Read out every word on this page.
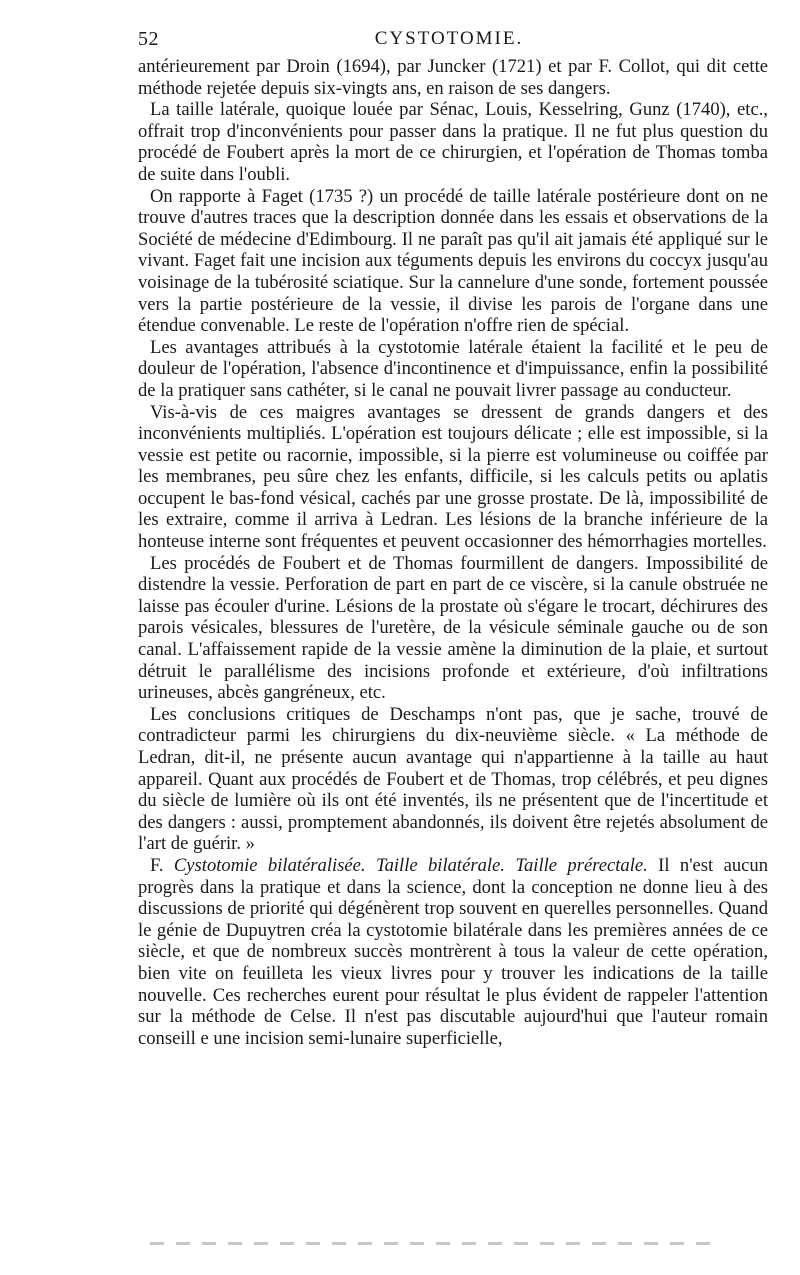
52	CYSTOTOMIE.

antérieurement par Droin (1694), par Juncker (1721) et par F. Collot, qui dit cette méthode rejetée depuis six-vingts ans, en raison de ses dangers.

La taille latérale, quoique louée par Sénac, Louis, Kesselring, Gunz (1740), etc., offrait trop d'inconvénients pour passer dans la pratique. Il ne fut plus question du procédé de Foubert après la mort de ce chirurgien, et l'opération de Thomas tomba de suite dans l'oubli.

On rapporte à Faget (1735 ?) un procédé de taille latérale postérieure dont on ne trouve d'autres traces que la description donnée dans les essais et observations de la Société de médecine d'Edimbourg. Il ne paraît pas qu'il ait jamais été appliqué sur le vivant. Faget fait une incision aux téguments depuis les environs du coccyx jusqu'au voisinage de la tubérosité sciatique. Sur la cannelure d'une sonde, fortement poussée vers la partie postérieure de la vessie, il divise les parois de l'organe dans une étendue convenable. Le reste de l'opération n'offre rien de spécial.

Les avantages attribués à la cystotomie latérale étaient la facilité et le peu de douleur de l'opération, l'absence d'incontinence et d'impuissance, enfin la possibilité de la pratiquer sans cathéter, si le canal ne pouvait livrer passage au conducteur.

Vis-à-vis de ces maigres avantages se dressent de grands dangers et des inconvénients multipliés. L'opération est toujours délicate ; elle est impossible, si la vessie est petite ou racornie, impossible, si la pierre est volumineuse ou coiffée par les membranes, peu sûre chez les enfants, difficile, si les calculs petits ou aplatis occupent le bas-fond vésical, cachés par une grosse prostate. De là, impossibilité de les extraire, comme il arriva à Ledran. Les lésions de la branche inférieure de la honteuse interne sont fréquentes et peuvent occasionner des hémorrhagies mortelles.

Les procédés de Foubert et de Thomas fourmillent de dangers. Impossibilité de distendre la vessie. Perforation de part en part de ce viscère, si la canule obstruée ne laisse pas écouler d'urine. Lésions de la prostate où s'égare le trocart, déchirures des parois vésicales, blessures de l'uretère, de la vésicule séminale gauche ou de son canal. L'affaissement rapide de la vessie amène la diminution de la plaie, et surtout détruit le parallélisme des incisions profonde et extérieure, d'où infiltrations urineuses, abcès gangréneux, etc.

Les conclusions critiques de Deschamps n'ont pas, que je sache, trouvé de contradicteur parmi les chirurgiens du dix-neuvième siècle. « La méthode de Ledran, dit-il, ne présente aucun avantage qui n'appartienne à la taille au haut appareil. Quant aux procédés de Foubert et de Thomas, trop célébrés, et peu dignes du siècle de lumière où ils ont été inventés, ils ne présentent que de l'incertitude et des dangers : aussi, promptement abandonnés, ils doivent être rejetés absolument de l'art de guérir. »

F. Cystotomie bilatéralisée. Taille bilatérale. Taille prérectale. Il n'est aucun progrès dans la pratique et dans la science, dont la conception ne donne lieu à des discussions de priorité qui dégénèrent trop souvent en querelles personnelles. Quand le génie de Dupuytren créa la cystotomie bilatérale dans les premières années de ce siècle, et que de nombreux succès montrèrent à tous la valeur de cette opération, bien vite on feuilleta les vieux livres pour y trouver les indications de la taille nouvelle. Ces recherches eurent pour résultat le plus évident de rappeler l'attention sur la méthode de Celse. Il n'est pas discutable aujourd'hui que l'auteur romain conseill e une incision semi-lunaire superficielle,
